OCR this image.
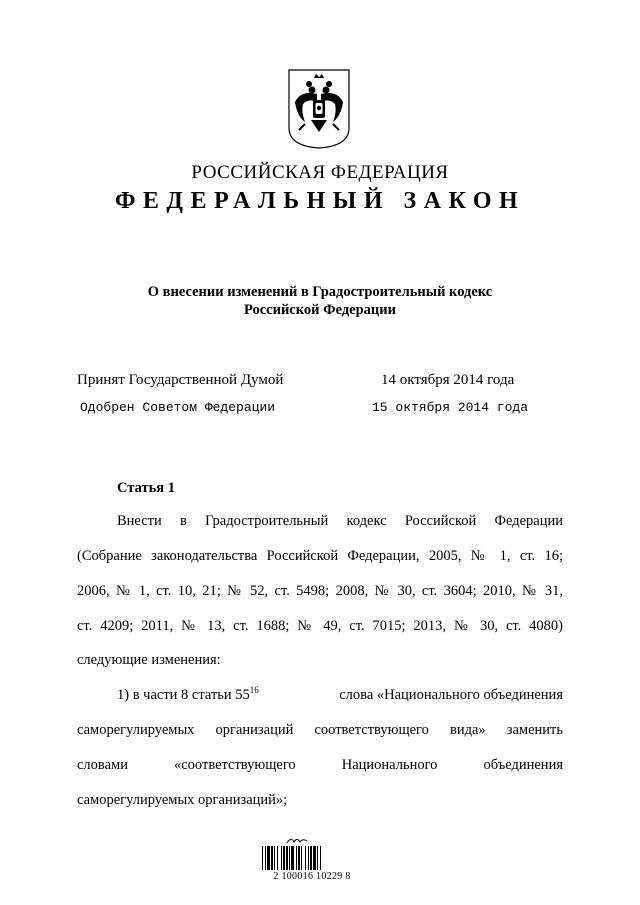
РОССИЙСКАЯ ФЕДЕРАЦИЯ
ФЕДЕРАЛЬНЫЙ ЗАКОН
О внесении изменений в Градостроительный кодекс
Российской Федерации
Принят Государственной Думой	14 октября 2014 года
Одобрен Советом Федерации	15 октября 2014 года
Статья 1
Внести в Градостроительный кодекс Российской Федерации
(Собрание законодательства Российской Федерации, 2005, № 1, ст. 16;
2006, № 1, ст. 10, 21; № 52, ст. 5498; 2008, № 30, ст. 3604; 2010, № 31,
ст. 4209; 2011, № 13, ст. 1688; № 49, ст. 7015; 2013, № 30, ст. 4080)
следующие изменения:
1) в части 8 статьи $55^{16}$	слова «Национального объединения
саморегулируемых организаций соответствующего вида» заменить
словами «соответствующего Национального объединения
саморегулируемых организаций»;
2 100016 10229 8
